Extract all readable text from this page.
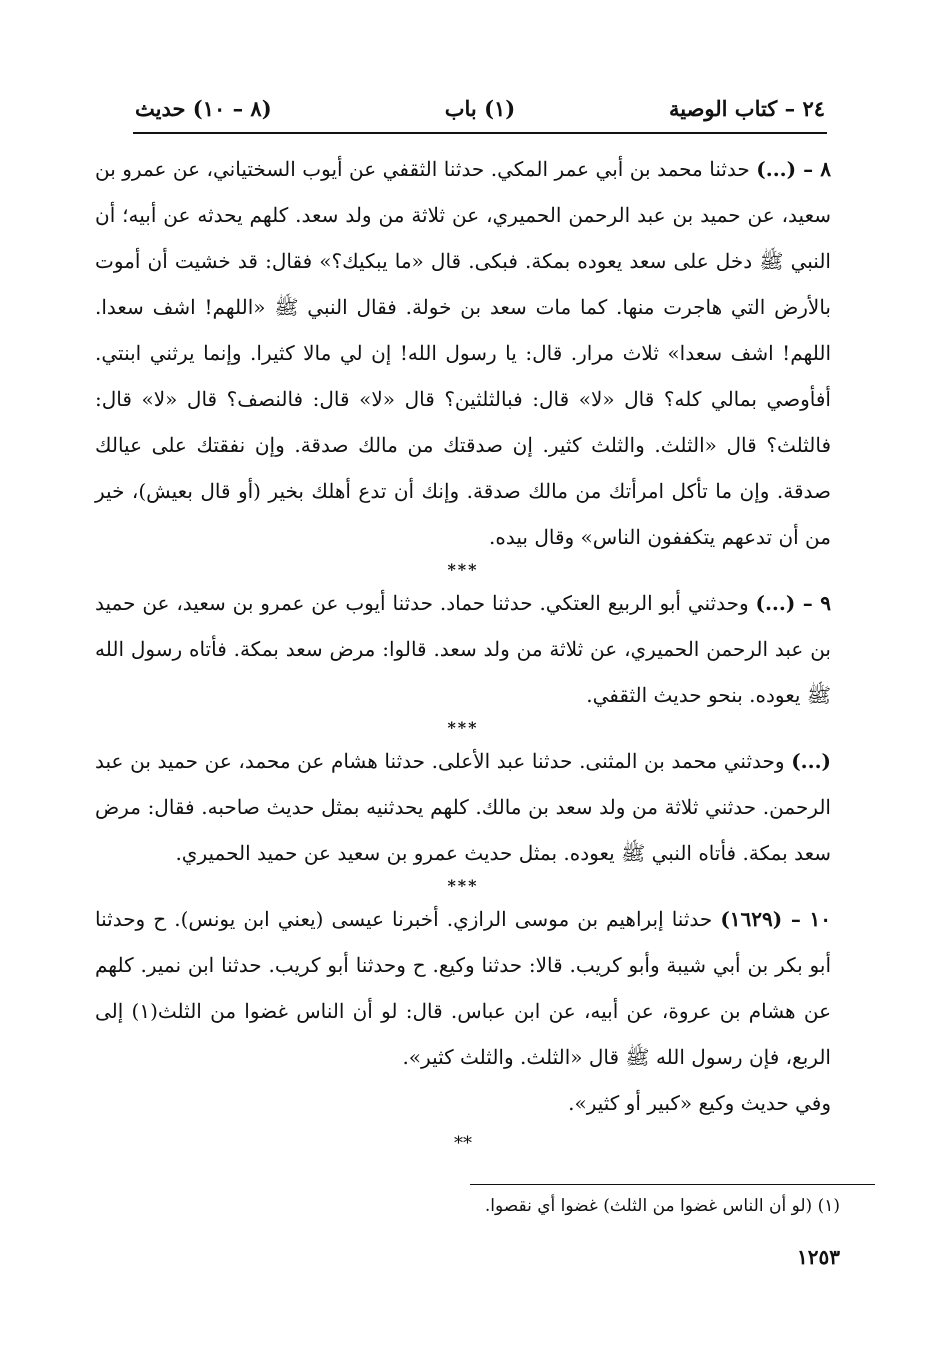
٢٤ – كتاب الوصية
(١) باب
(٨ – ١٠) حديث

٨ – (...) حدثنا محمد بن أبي عمر المكي. حدثنا الثقفي عن أيوب السختياني، عن عمرو بن سعيد، عن حميد بن عبد الرحمن الحميري، عن ثلاثة من ولد سعد. كلهم يحدثه عن أبيه؛ أن النبي ﷺ دخل على سعد يعوده بمكة. فبكى. قال «ما يبكيك؟» فقال: قد خشيت أن أموت بالأرض التي هاجرت منها. كما مات سعد بن خولة. فقال النبي ﷺ «اللهم! اشف سعدا. اللهم! اشف سعدا» ثلاث مرار. قال: يا رسول الله! إن لي مالا كثيرا. وإنما يرثني ابنتي. أفأوصي بمالي كله؟ قال «لا» قال: فبالثلثين؟ قال «لا» قال: فالنصف؟ قال «لا» قال: فالثلث؟ قال «الثلث. والثلث كثير. إن صدقتك من مالك صدقة. وإن نفقتك على عيالك صدقة. وإن ما تأكل امرأتك من مالك صدقة. وإنك أن تدع أهلك بخير (أو قال بعيش)، خير من أن تدعهم يتكففون الناس» وقال بيده.

***

٩ – (...) وحدثني أبو الربيع العتكي. حدثنا حماد. حدثنا أيوب عن عمرو بن سعيد، عن حميد بن عبد الرحمن الحميري، عن ثلاثة من ولد سعد. قالوا: مرض سعد بمكة. فأتاه رسول الله ﷺ يعوده. بنحو حديث الثقفي.

***

(...) وحدثني محمد بن المثنى. حدثنا عبد الأعلى. حدثنا هشام عن محمد، عن حميد بن عبد الرحمن. حدثني ثلاثة من ولد سعد بن مالك. كلهم يحدثنيه بمثل حديث صاحبه. فقال: مرض سعد بمكة. فأتاه النبي ﷺ يعوده. بمثل حديث عمرو بن سعيد عن حميد الحميري.

***

١٠ – (١٦٢٩) حدثنا إبراهيم بن موسى الرازي. أخبرنا عيسى (يعني ابن يونس). ح وحدثنا أبو بكر بن أبي شيبة وأبو كريب. قالا: حدثنا وكيع. ح وحدثنا أبو كريب. حدثنا ابن نمير. كلهم عن هشام بن عروة، عن أبيه، عن ابن عباس. قال: لو أن الناس غضوا من الثلث(١) إلى الربع، فإن رسول الله ﷺ قال «الثلث. والثلث كثير».

وفي حديث وكيع «كبير أو كثير».

**
(١) (لو أن الناس غضوا من الثلث) غضوا أي نقصوا.
١٢٥٣
